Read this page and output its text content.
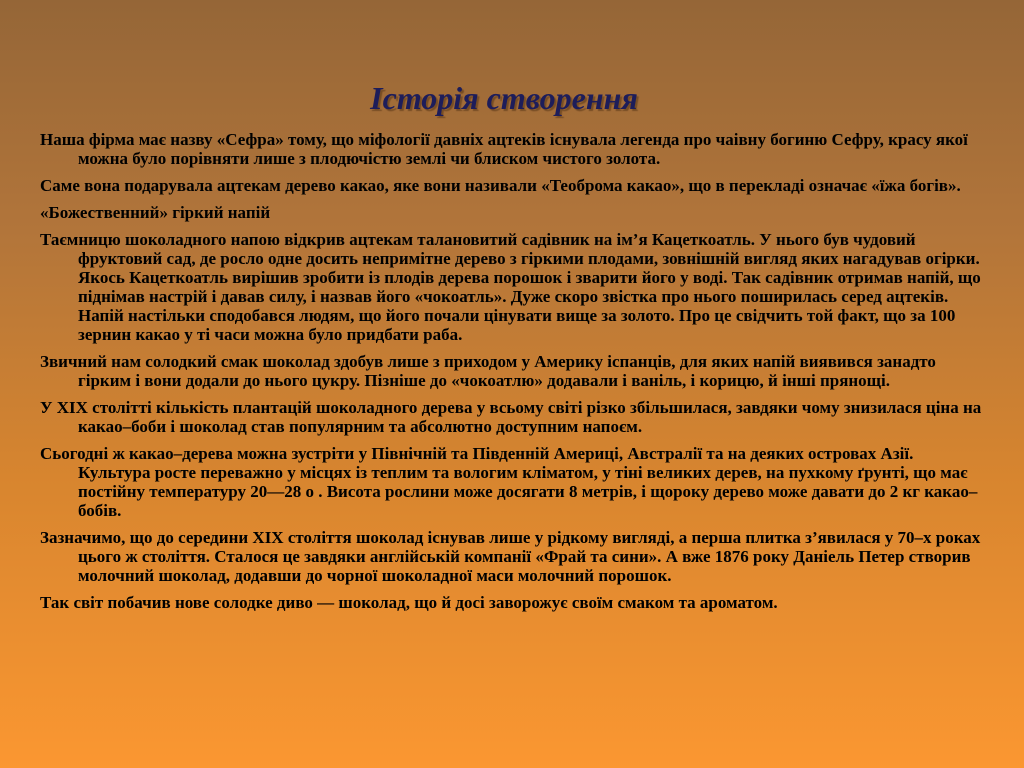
Історія створення

Наша фірма має назву «Сефра» тому, що міфології давніх ацтеків існувала легенда про чаівну богиню Сефру, красу якої можна було порівняти лише з плодючістю землі чи блиском чистого золота.

Саме вона подарувала ацтекам дерево какао, яке вони називали «Теоброма какао», що в перекладі означає «їжа богів».

«Божественний» гіркий напій

Таємницю шоколадного напою відкрив ацтекам талановитий садівник на ім’я Кацеткоатль. У нього був чудовий фруктовий сад, де росло одне досить непримітне дерево з гіркими плодами, зовнішній вигляд яких нагадував огірки. Якось Кацеткоатль вирішив зробити із плодів дерева порошок і зварити його у воді. Так садівник отримав напій, що піднімав настрій і давав силу, і назвав його «чокоатль». Дуже скоро звістка про нього поширилась серед ацтеків. Напій настільки сподобався людям, що його почали цінувати вище за золото. Про це свідчить той факт, що за 100 зернин какао у ті часи можна було придбати раба.

Звичний нам солодкий смак шоколад здобув лише з приходом у Америку іспанців, для яких напій виявився занадто гірким і вони додали до нього цукру. Пізніше до «чокоатлю» додавали і ваніль, і корицю, й інші прянощі.

У XIX столітті кількість плантацій шоколадного дерева у всьому світі різко збільшилася, завдяки чому знизилася ціна на какао–боби і шоколад став популярним та абсолютно доступним напоєм.

Сьогодні ж какао–дерева можна зустріти у Північній та Південній Америці, Австралії та на деяких островах Азії. Культура росте переважно у місцях із теплим та вологим кліматом, у тіні великих дерев, на пухкому ґрунті, що має постійну температуру 20—28 о . Висота рослини може досягати 8 метрів, і щороку дерево може давати до 2 кг какао–бобів.

Зазначимо, що до середини XIX століття шоколад існував лише у рідкому вигляді, а перша плитка з’явилася у 70–х роках цього ж століття. Сталося це завдяки англійській компанії «Фрай та сини». А вже 1876 року Даніель Петер створив молочний шоколад, додавши до чорної шоколадної маси молочний порошок.

Так світ побачив нове солодке диво — шоколад, що й досі заворожує своїм смаком та ароматом.
